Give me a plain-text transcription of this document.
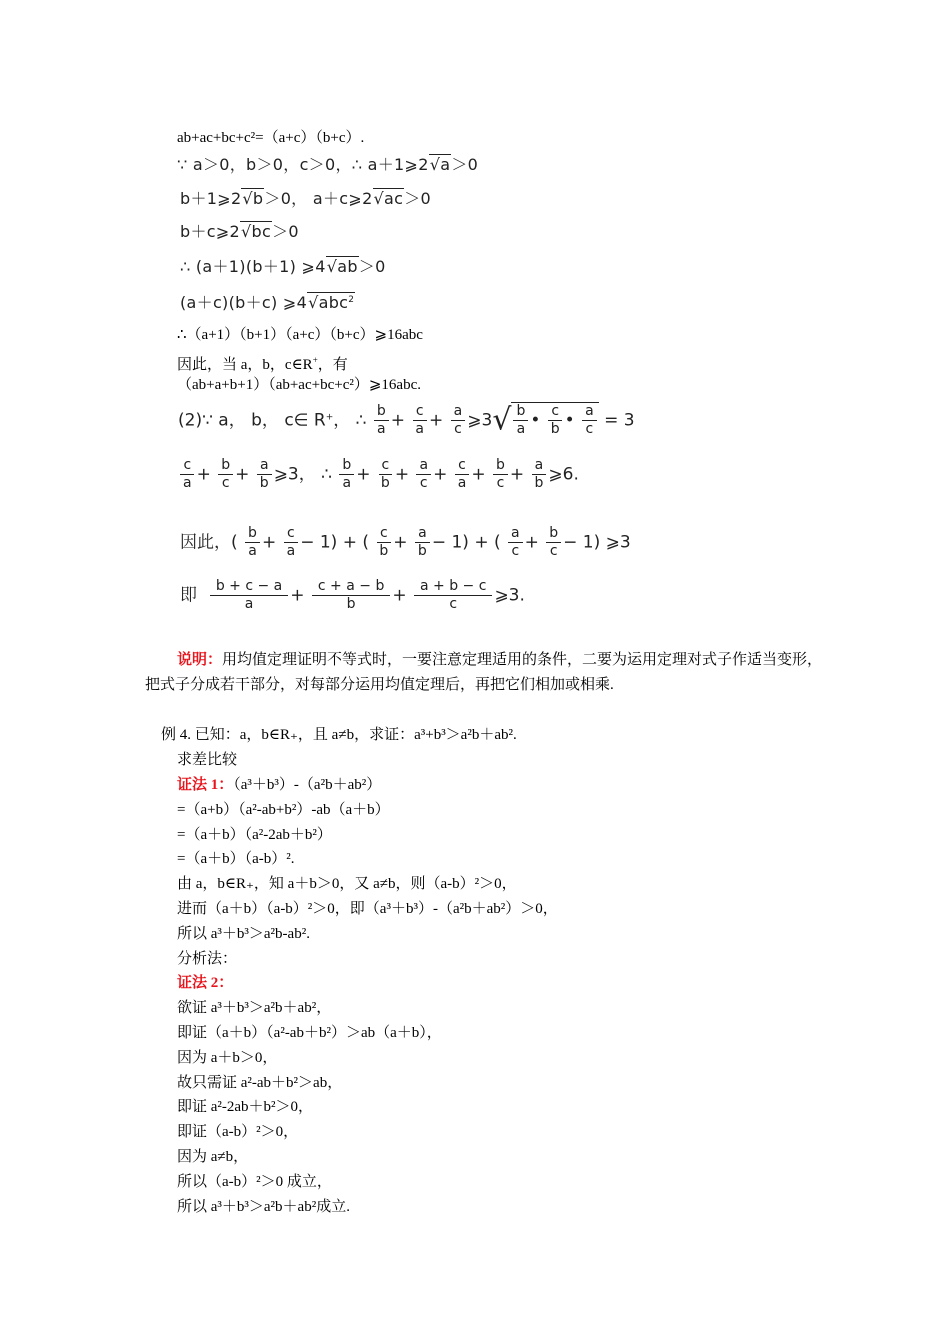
ab+ac+bc+c²=（a+c）（b+c）.
∵ a＞0，b＞0，c＞0，∴ a＋1⩾2√a＞0
b＋1⩾2√b＞0， a＋c⩾2√ac＞0
b＋c⩾2√bc＞0
∴ (a＋1)(b＋1) ⩾4√ab＞0
(a＋c)(b＋c) ⩾4√abc$^2$
∴（a+1）（b+1）（a+c）（b+c）⩾16abc
因此，当 a，b，c∈R+，有
（ab+a+b+1）（ab+ac+bc+c²）⩾16abc.
(2)∵ a， b， c∈ R+， ∴ $\frac{b}{a} + \frac{c}{a} + \frac{a}{c}$ ⩾3√ $\frac{b}{a}$ • $\frac{c}{b}$ • $\frac{a}{c} = 3$
$\frac{c}{a} + \frac{b}{c} + \frac{a}{b}$ ⩾3， ∴ $\frac{b}{a} + \frac{c}{b} + \frac{a}{c} + \frac{c}{a} + \frac{b}{c} + \frac{a}{b}$ ⩾6.
因此，( $\frac{b}{a} + \frac{c}{a} - 1$) + ( $\frac{c}{b} + \frac{a}{b} - 1$) + ( $\frac{a}{c} + \frac{b}{c} - 1$) ⩾3
即 $\frac{b + c - a}{a} + \frac{c + a - b}{b} + \frac{a + b - c}{c}$ ⩾3.
说明：用均值定理证明不等式时，一要注意定理适用的条件，二要为运用定理对式子作适当变形，把式子分成若干部分，对每部分运用均值定理后，再把它们相加或相乘.
例 4. 已知：a，b∈R₊，且 a≠b，求证：a³+b³＞a²b＋ab².
求差比较
证法 1：（a³＋b³）-（a²b＋ab²）
=（a+b）（a²-ab+b²）-ab（a＋b）
=（a＋b）（a²-2ab＋b²）
=（a＋b）（a-b）².
由 a，b∈R₊，知 a＋b＞0，又 a≠b，则（a-b）²＞0，
进而（a＋b）（a-b）²＞0，即（a³＋b³）-（a²b＋ab²）＞0，
所以 a³＋b³＞a²b-ab².
分析法：
证法 2：
欲证 a³＋b³＞a²b＋ab²，
即证（a＋b）（a²-ab＋b²）＞ab（a＋b），
因为 a＋b＞0，
故只需证 a²-ab＋b²＞ab，
即证 a²-2ab＋b²＞0，
即证（a-b）²＞0，
因为 a≠b，
所以（a-b）²＞0 成立，
所以 a³＋b³＞a²b＋ab²成立.
